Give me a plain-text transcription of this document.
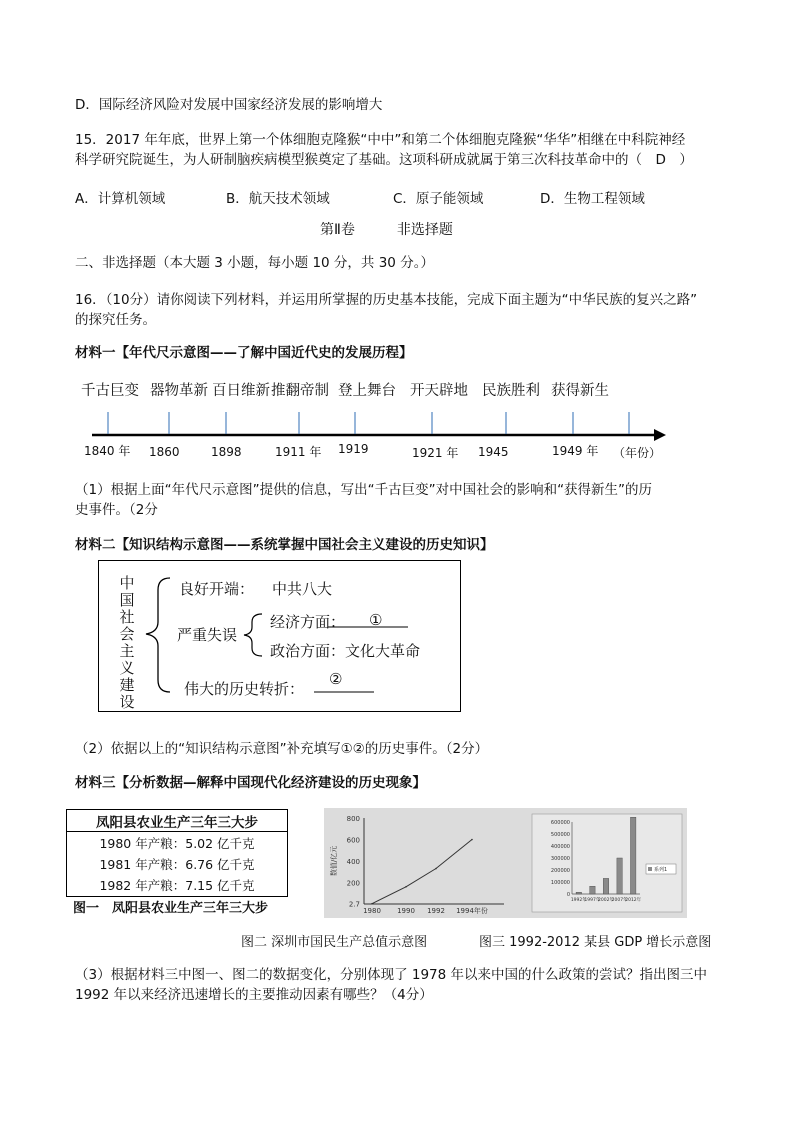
D．国际经济风险对发展中国家经济发展的影响增大
15．2017 年年底，世界上第一个体细胞克隆猴“中中”和第二个体细胞克隆猴“华华”相继在中科院神经
科学研究院诞生，为人研制脑疾病模型猴奠定了基础。这项科研成就属于第三次科技革命中的（　D　）
A．计算机领域	B．航天技术领域	C．原子能领域	D．生物工程领域
第Ⅱ卷　　　非选择题
二、非选择题（本大题 3 小题，每小题 10 分，共 30 分。）
16．（10分）请你阅读下列材料，并运用所掌握的历史基本技能，完成下面主题为“中华民族的复兴之路”
的探究任务。
材料一【年代尺示意图——了解中国近代史的发展历程】
千古巨变 器物革新 百日维新 推翻帝制 登上舞台 开天辟地 民族胜利 获得新生
1840 年 1860	1898	1911 年 1919	1921 年 1945	1949 年 （年份）
（1）根据上面“年代尺示意图”提供的信息，写出“千古巨变”对中国社会的影响和“获得新生”的历
史事件。（2分
材料二【知识结构示意图——系统掌握中国社会主义建设的历史知识】
中国社会主义建设
良好开端： 中共八大
严重失误
经济方面： ①
政治方面：文化大革命
伟大的历史转折：
②
（2）依据以上的“知识结构示意图”补充填写①②的历史事件。（2分）
材料三【分析数据—解释中国现代化经济建设的历史现象】
凤阳县农业生产三年三大步

1980 年产粮：5.02 亿千克
1981 年产粮：6.76 亿千克
1982 年产粮：7.15 亿千克
图一　凤阳县农业生产三年三大步	2.7
200
400
600
800
1980 1990 1992 1994年份
数值/亿元
0
100000
200000
300000
400000
500000
600000
1992年
1997年
2002年
2007年
2012年
系列1
图二 深圳市国民生产总值示意图	图三 1992-2012 某县 GDP 增长示意图
（3）根据材料三中图一、图二的数据变化，分别体现了 1978 年以来中国的什么政策的尝试？指出图三中
1992 年以来经济迅速增长的主要推动因素有哪些？（4分）
